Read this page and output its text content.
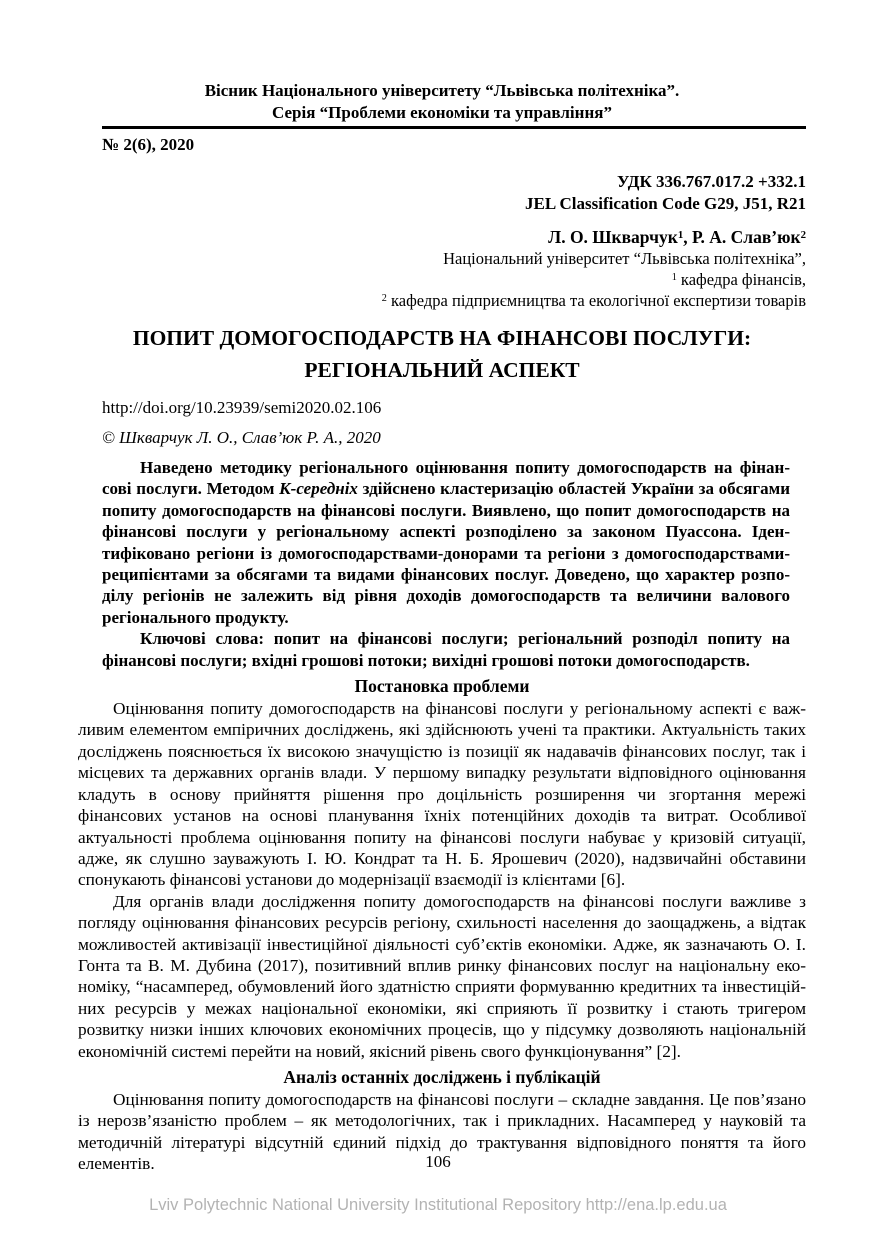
Вісник Національного університету “Львівська політехніка”.
Серія “Проблеми економіки та управління”
№ 2(6), 2020
УДК 336.767.017.2 +332.1
JEL Classification Code G29, J51, R21
Л. О. Шкварчук$^1$, Р. А. $Слав’юк^2$
Національний університет “Львівська політехніка”,
$^1$ кафедра фінансів,
$^2$ кафедра підприємництва та екологічної експертизи товарів
ПОПИТ ДОМОГОСПОДАРСТВ НА ФІНАНСОВІ ПОСЛУГИ:
РЕГІОНАЛЬНИЙ АСПЕКТ
http://doi.org/10.23939/semi2020.02.106
© Шкварчук Л. О., Слав’юк Р. А., 2020

Наведено методику регіонального оцінювання попиту домогосподарств на фінансові послуги. Методом К-середніх здійснено кластеризацію областей України за обсягами попиту домогосподарств на фінансові послуги. Виявлено, що попит домогосподарств на фінансові послуги у регіональному аспекті розподілено за законом Пуассона. Ідентифіковано регіони із домогосподарствами-донорами та регіони з домогосподарствами-реципієнтами за обсягами та видами фінансових послуг. Доведено, що характер розподілу регіонів не залежить від рівня доходів домогосподарств та величини валового регіонального продукту.

Ключові слова: попит на фінансові послуги; регіональний розподіл попиту на фінансові послуги; вхідні грошові потоки; вихідні грошові потоки домогосподарств.

Постановка проблеми

Оцінювання попиту домогосподарств на фінансові послуги у регіональному аспекті є важливим елементом емпіричних досліджень, які здійснюють учені та практики. Актуальність таких досліджень пояснюється їх високою значущістю із позиції як надавачів фінансових послуг, так і місцевих та державних органів влади. У першому випадку результати відповідного оцінювання кладуть в основу прийняття рішення про доцільність розширення чи згортання мережі фінансових установ на основі планування їхніх потенційних доходів та витрат. Особливої актуальності проблема оцінювання попиту на фінансові послуги набуває у кризовій ситуації, адже, як слушно зауважують І. Ю. Кондрат та Н. Б. Ярошевич (2020), надзвичайні обставини спонукають фінансові установи до модернізації взаємодії із клієнтами [6].

Для органів влади дослідження попиту домогосподарств на фінансові послуги важливе з погляду оцінювання фінансових ресурсів регіону, схильності населення до заощаджень, а відтак можливостей активізації інвестиційної діяльності суб’єктів економіки. Адже, як зазначають О. І. Гонта та В. М. Дубина (2017), позитивний вплив ринку фінансових послуг на національну економіку, “насамперед, обумовлений його здатністю сприяти формуванню кредитних та інвестиційних ресурсів у межах національної економіки, які сприяють її розвитку і стають тригером розвитку низки інших ключових економічних процесів, що у підсумку дозволяють національній економічній системі перейти на новий, якісний рівень свого функціонування” [2].

Аналіз останніх досліджень і публікацій

Оцінювання попиту домогосподарств на фінансові послуги – складне завдання. Це пов’язано із нерозв’язаністю проблем – як методологічних, так і прикладних. Насамперед у науковій та методичній літературі відсутній єдиний підхід до трактування відповідного поняття та його елементів.	106
Lviv Polytechnic National University Institutional Repository http://ena.lp.edu.ua
